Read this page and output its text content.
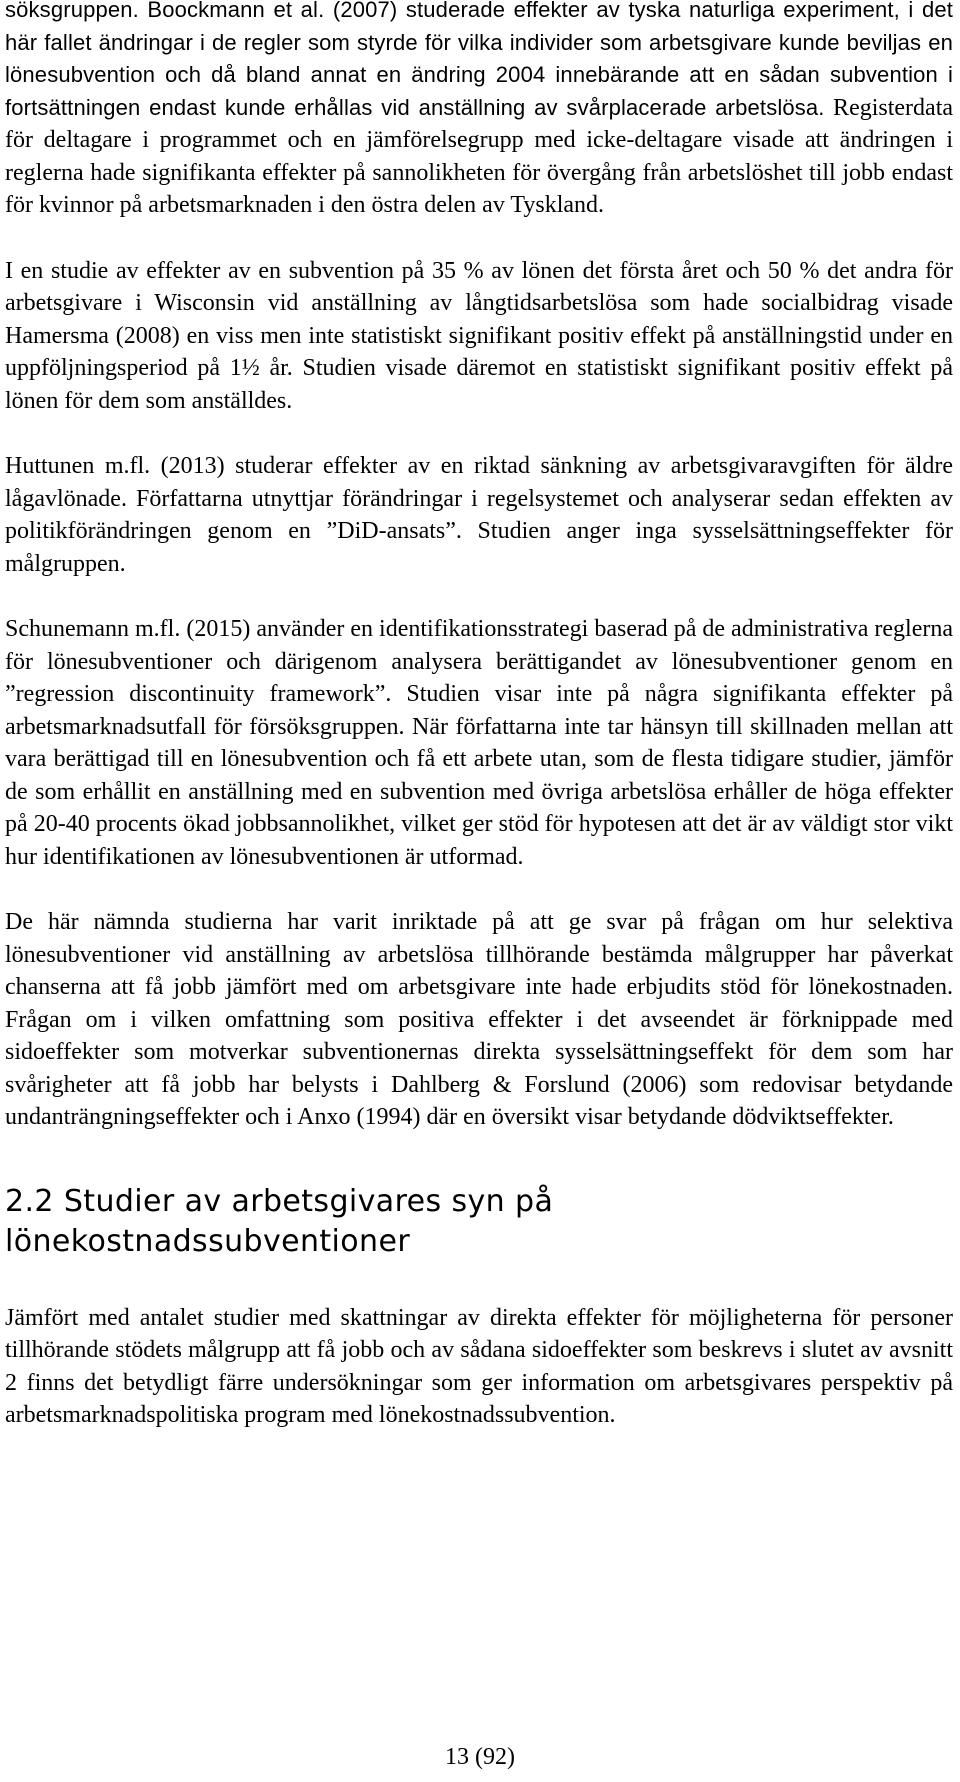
söksgruppen. Boockmann et al. (2007) studerade effekter av tyska naturliga experiment, i det här fallet ändringar i de regler som styrde för vilka individer som arbetsgivare kunde beviljas en lönesubvention och då bland annat en ändring 2004 innebärande att en sådan subvention i fortsättningen endast kunde erhållas vid anställning av svårplacerade arbetslösa. Registerdata för deltagare i programmet och en jämförelsegrupp med icke-deltagare visade att ändringen i reglerna hade signifikanta effekter på sannolikheten för övergång från arbetslöshet till jobb endast för kvinnor på arbetsmarknaden i den östra delen av Tyskland.

I en studie av effekter av en subvention på 35 % av lönen det första året och 50 % det andra för arbetsgivare i Wisconsin vid anställning av långtidsarbetslösa som hade socialbidrag visade Hamersma (2008) en viss men inte statistiskt signifikant positiv effekt på anställningstid under en uppföljningsperiod på 1½ år. Studien visade däremot en statistiskt signifikant positiv effekt på lönen för dem som anställdes.

Huttunen m.fl. (2013) studerar effekter av en riktad sänkning av arbetsgivaravgiften för äldre lågavlönade. Författarna utnyttjar förändringar i regelsystemet och analyserar sedan effekten av politikförändringen genom en ”DiD-ansats”. Studien anger inga sysselsättningseffekter för målgruppen.

Schunemann m.fl. (2015) använder en identifikationsstrategi baserad på de administrativa reglerna för lönesubventioner och därigenom analysera berättigandet av lönesubventioner genom en ”regression discontinuity framework”. Studien visar inte på några signifikanta effekter på arbetsmarknadsutfall för försöksgruppen. När författarna inte tar hänsyn till skillnaden mellan att vara berättigad till en lönesubvention och få ett arbete utan, som de flesta tidigare studier, jämför de som erhållit en anställning med en subvention med övriga arbetslösa erhåller de höga effekter på 20-40 procents ökad jobbsannolikhet, vilket ger stöd för hypotesen att det är av väldigt stor vikt hur identifikationen av lönesubventionen är utformad.

De här nämnda studierna har varit inriktade på att ge svar på frågan om hur selektiva lönesubventioner vid anställning av arbetslösa tillhörande bestämda målgrupper har påverkat chanserna att få jobb jämfört med om arbetsgivare inte hade erbjudits stöd för lönekostnaden. Frågan om i vilken omfattning som positiva effekter i det avseendet är förknippade med sidoeffekter som motverkar subventionernas direkta sysselsättningseffekt för dem som har svårigheter att få jobb har belysts i Dahlberg & Forslund (2006) som redovisar betydande undanträngningseffekter och i Anxo (1994) där en översikt visar betydande dödviktseffekter.

2.2 Studier av arbetsgivares syn på lönekostnadssubventioner

Jämfört med antalet studier med skattningar av direkta effekter för möjligheterna för personer tillhörande stödets målgrupp att få jobb och av sådana sidoeffekter som beskrevs i slutet av avsnitt 2 finns det betydligt färre undersökningar som ger information om arbetsgivares perspektiv på arbetsmarknadspolitiska program med lönekostnadssubvention.

13 (92)
